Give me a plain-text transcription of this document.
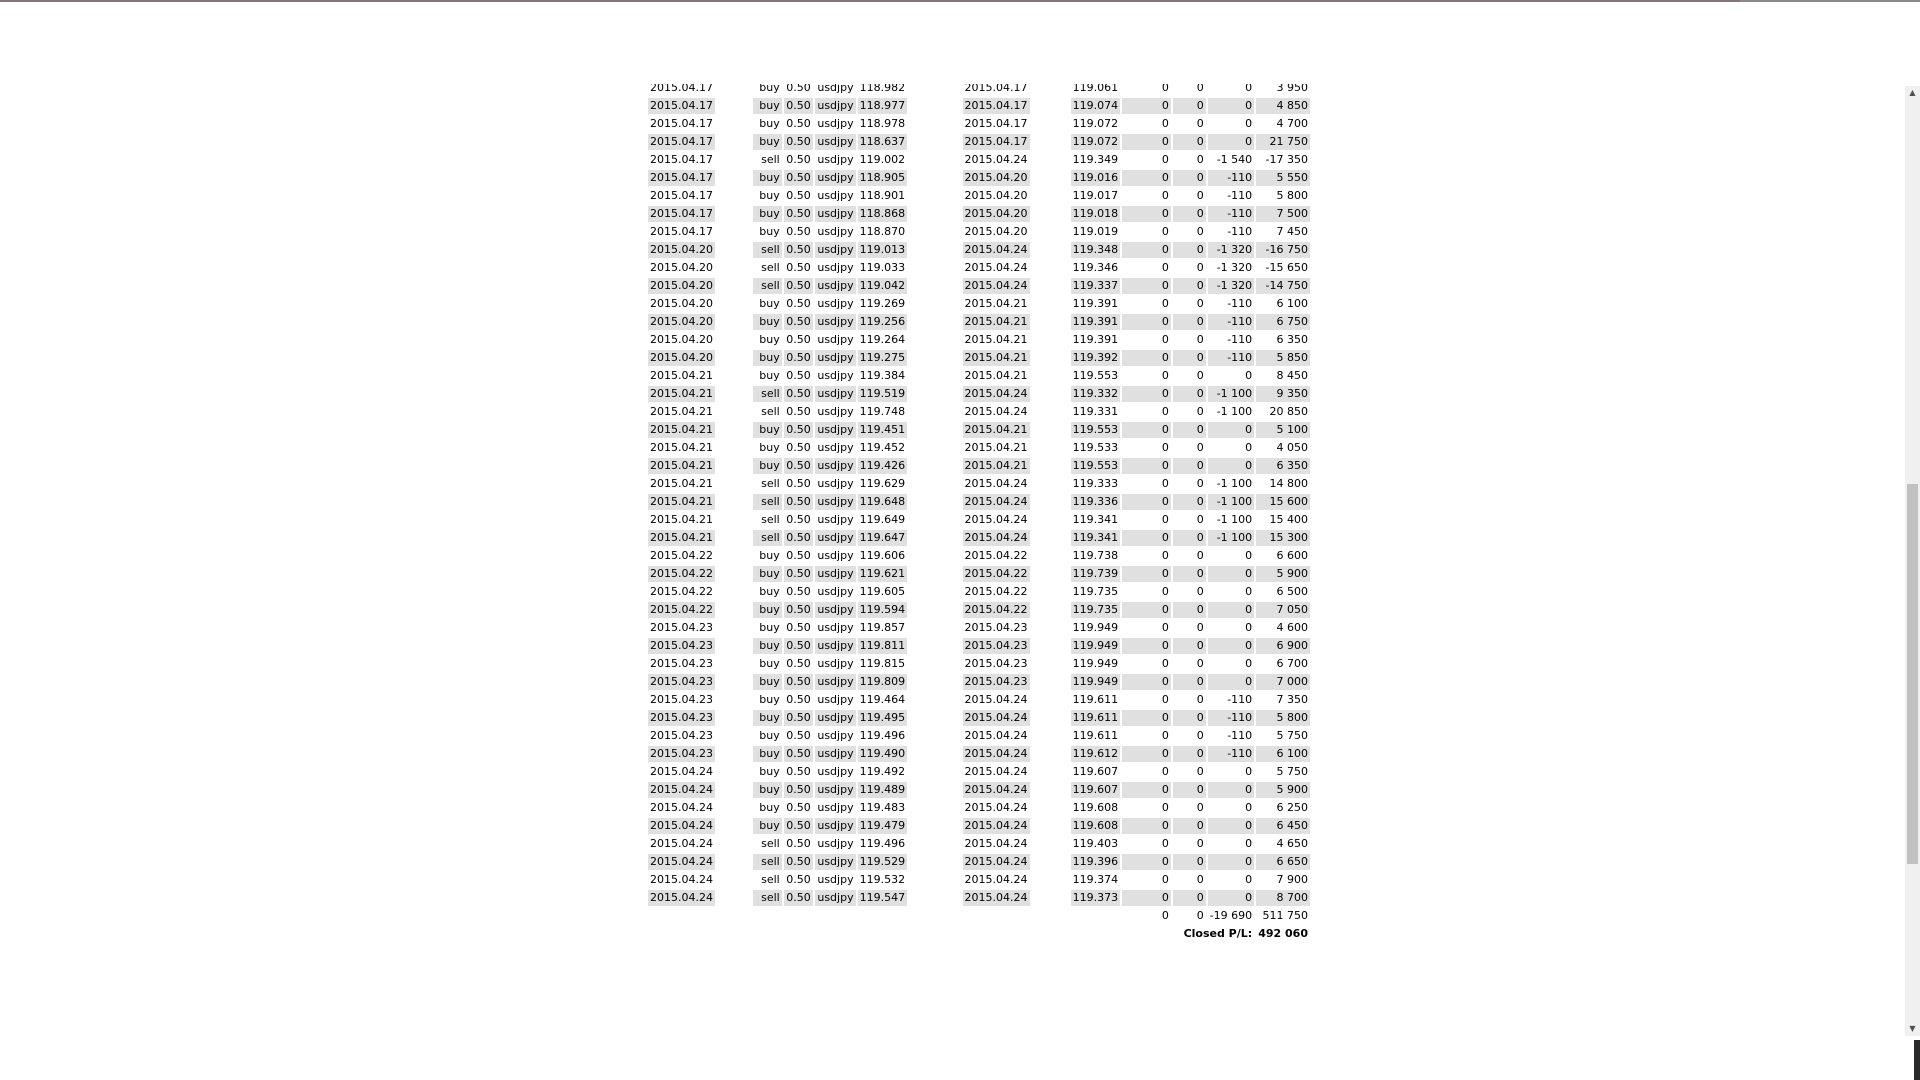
2015.04.17		buy	0.50	usdjpy	118.982		2015.04.17		119.061	0	0	0	3 950
2015.04.17		buy	0.50	usdjpy	118.977		2015.04.17		119.074	0	0	0	4 850
2015.04.17		buy	0.50	usdjpy	118.978		2015.04.17		119.072	0	0	0	4 700
2015.04.17		buy	0.50	usdjpy	118.637		2015.04.17		119.072	0	0	0	21 750
2015.04.17		sell	0.50	usdjpy	119.002		2015.04.24		119.349	0	0	-1 540	-17 350
2015.04.17		buy	0.50	usdjpy	118.905		2015.04.20		119.016	0	0	-110	5 550
2015.04.17		buy	0.50	usdjpy	118.901		2015.04.20		119.017	0	0	-110	5 800
2015.04.17		buy	0.50	usdjpy	118.868		2015.04.20		119.018	0	0	-110	7 500
2015.04.17		buy	0.50	usdjpy	118.870		2015.04.20		119.019	0	0	-110	7 450
2015.04.20		sell	0.50	usdjpy	119.013		2015.04.24		119.348	0	0	-1 320	-16 750
2015.04.20		sell	0.50	usdjpy	119.033		2015.04.24		119.346	0	0	-1 320	-15 650
2015.04.20		sell	0.50	usdjpy	119.042		2015.04.24		119.337	0	0	-1 320	-14 750
2015.04.20		buy	0.50	usdjpy	119.269		2015.04.21		119.391	0	0	-110	6 100
2015.04.20		buy	0.50	usdjpy	119.256		2015.04.21		119.391	0	0	-110	6 750
2015.04.20		buy	0.50	usdjpy	119.264		2015.04.21		119.391	0	0	-110	6 350
2015.04.20		buy	0.50	usdjpy	119.275		2015.04.21		119.392	0	0	-110	5 850
2015.04.21		buy	0.50	usdjpy	119.384		2015.04.21		119.553	0	0	0	8 450
2015.04.21		sell	0.50	usdjpy	119.519		2015.04.24		119.332	0	0	-1 100	9 350
2015.04.21		sell	0.50	usdjpy	119.748		2015.04.24		119.331	0	0	-1 100	20 850
2015.04.21		buy	0.50	usdjpy	119.451		2015.04.21		119.553	0	0	0	5 100
2015.04.21		buy	0.50	usdjpy	119.452		2015.04.21		119.533	0	0	0	4 050
2015.04.21		buy	0.50	usdjpy	119.426		2015.04.21		119.553	0	0	0	6 350
2015.04.21		sell	0.50	usdjpy	119.629		2015.04.24		119.333	0	0	-1 100	14 800
2015.04.21		sell	0.50	usdjpy	119.648		2015.04.24		119.336	0	0	-1 100	15 600
2015.04.21		sell	0.50	usdjpy	119.649		2015.04.24		119.341	0	0	-1 100	15 400
2015.04.21		sell	0.50	usdjpy	119.647		2015.04.24		119.341	0	0	-1 100	15 300
2015.04.22		buy	0.50	usdjpy	119.606		2015.04.22		119.738	0	0	0	6 600
2015.04.22		buy	0.50	usdjpy	119.621		2015.04.22		119.739	0	0	0	5 900
2015.04.22		buy	0.50	usdjpy	119.605		2015.04.22		119.735	0	0	0	6 500
2015.04.22		buy	0.50	usdjpy	119.594		2015.04.22		119.735	0	0	0	7 050
2015.04.23		buy	0.50	usdjpy	119.857		2015.04.23		119.949	0	0	0	4 600
2015.04.23		buy	0.50	usdjpy	119.811		2015.04.23		119.949	0	0	0	6 900
2015.04.23		buy	0.50	usdjpy	119.815		2015.04.23		119.949	0	0	0	6 700
2015.04.23		buy	0.50	usdjpy	119.809		2015.04.23		119.949	0	0	0	7 000
2015.04.23		buy	0.50	usdjpy	119.464		2015.04.24		119.611	0	0	-110	7 350
2015.04.23		buy	0.50	usdjpy	119.495		2015.04.24		119.611	0	0	-110	5 800
2015.04.23		buy	0.50	usdjpy	119.496		2015.04.24		119.611	0	0	-110	5 750
2015.04.23		buy	0.50	usdjpy	119.490		2015.04.24		119.612	0	0	-110	6 100
2015.04.24		buy	0.50	usdjpy	119.492		2015.04.24		119.607	0	0	0	5 750
2015.04.24		buy	0.50	usdjpy	119.489		2015.04.24		119.607	0	0	0	5 900
2015.04.24		buy	0.50	usdjpy	119.483		2015.04.24		119.608	0	0	0	6 250
2015.04.24		buy	0.50	usdjpy	119.479		2015.04.24		119.608	0	0	0	6 450
2015.04.24		sell	0.50	usdjpy	119.496		2015.04.24		119.403	0	0	0	4 650
2015.04.24		sell	0.50	usdjpy	119.529		2015.04.24		119.396	0	0	0	6 650
2015.04.24		sell	0.50	usdjpy	119.532		2015.04.24		119.374	0	0	0	7 900
2015.04.24		sell	0.50	usdjpy	119.547		2015.04.24		119.373	0	0	0	8 700
										0	0	-19 690	511 750
										Closed P/L:			492 060
▲
▼
